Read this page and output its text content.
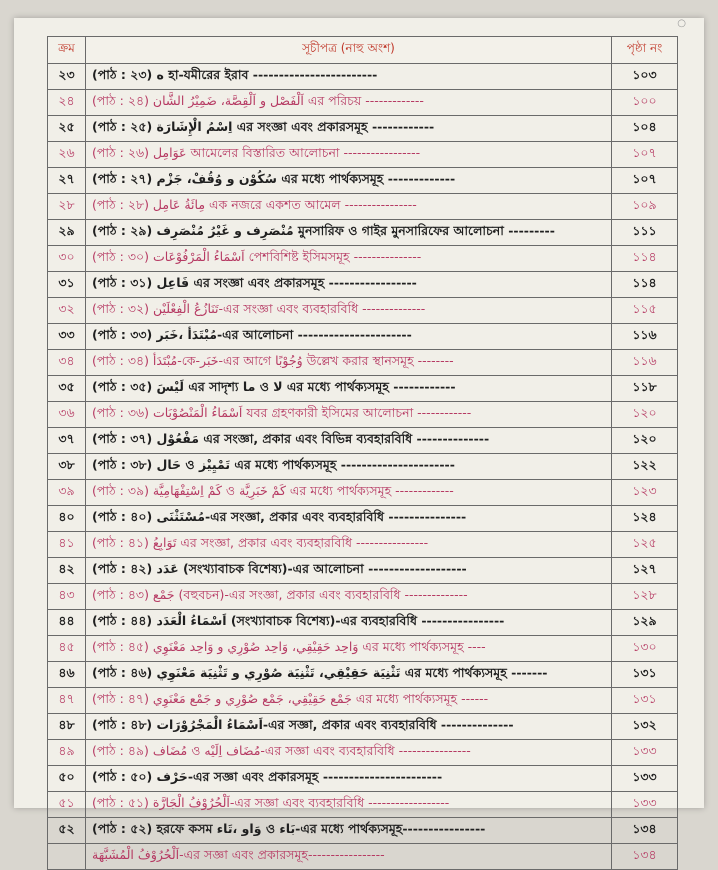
○
ক্রম	সূচীপত্র (নাহু অংশ)	পৃষ্ঠা নং
২৩	(পাঠ : ২৩) ه হা-যমীরের ইরাব ------------------------	১০৩
২৪	(পাঠ : ২৪) اَلْفَصْل و اَلْقِصَّة، ضَمِيْرُ الشَّان এর পরিচয় -------------	১০০
২৫	(পাঠ : ২৫) اِسْمُ الْإِشَارَة এর সংজ্ঞা এবং প্রকারসমূহ ------------	১০৪
২৬	(পাঠ : ২৬) عَوَامِل আমেলের বিস্তারিত আলোচনা -----------------	১০৭
২৭	(পাঠ : ২৭) سُكُوْن و وُقُفْ، جَزْم এর মধ্যে পার্থক্যসমূহ -------------	১০৭
২৮	(পাঠ : ২৮) مِائَةُ عَامِل এক নজরে একশত আমেল ----------------	১০৯
২৯	(পাঠ : ২৯) مُنْصَرِف و غَيْرُ مُنْصَرِف মুনসারিফ ও গাইর মুনসারিফের আলোচনা ---------	১১১
৩০	(পাঠ : ৩০) اَسْمَاءُ الْمَرْفُوْعَات পেশবিশিষ্ট ইসিমসমূহ ---------------	১১৪
৩১	(পাঠ : ৩১) فَاعِل এর সংজ্ঞা এবং প্রকারসমূহ -----------------	১১৪
৩২	(পাঠ : ৩২) تَنَازُعُ الْفِعْلَيْن-এর সংজ্ঞা এবং ব্যবহারবিধি --------------	১১৫
৩৩	(পাঠ : ৩৩) مُبْتَدَأ ،خَبَر-এর আলোচনা ----------------------	১১৬
৩৪	(পাঠ : ৩৪) مُبْتَدَأ-কে-خَبَر-এর আগে وُجُوْبًا উল্লেখ করার স্থানসমূহ --------	১১৬
৩৫	(পাঠ : ৩৫) لَيْسَ এর সাদৃশ্য ما ও لا এর মধ্যে পার্থক্যসমূহ ------------	১১৮
৩৬	(পাঠ : ৩৬) اَسْمَاءُ الْمَنْصُوْبَات যবর গ্রহণকারী ইসিমের আলোচনা ------------	১২০
৩৭	(পাঠ : ৩৭) مَفْعُوْل এর সংজ্ঞা, প্রকার এবং বিভিন্ন ব্যবহারবিধি --------------	১২০
৩৮	(পাঠ : ৩৮) حَال ও تَمْيِيْز এর মধ্যে পার্থক্যসমূহ ----------------------	১২২
৩৯	(পাঠ : ৩৯) كَمْ اِسْتِفْهَامِيَّة ও كَمْ خَبَرِيَّة এর মধ্যে পার্থক্যসমূহ -------------	১২৩
৪০	(পাঠ : ৪০) مُسْتَثْنَى-এর সংজ্ঞা, প্রকার এবং ব্যবহারবিধি ---------------	১২৪
৪১	(পাঠ : ৪১) تَوَابِعُ এর সংজ্ঞা, প্রকার এবং ব্যবহারবিধি ----------------	১২৫
৪২	(পাঠ : ৪২) عَدَد (সংখ্যাবাচক বিশেষ্য)-এর আলোচনা -------------------	১২৭
৪৩	(পাঠ : ৪৩) جَمْع (বহুবচন)-এর সংজ্ঞা, প্রকার এবং ব্যবহারবিধি --------------	১২৮
৪৪	(পাঠ : ৪৪) اَسْمَاءُ الْعَدَد (সংখ্যাবাচক বিশেষ্য)-এর ব্যবহারবিধি ----------------	১২৯
৪৫	(পাঠ : ৪৫) وَاحِد حَقِيْقِي، وَاحِد صُوْرِي و وَاحِد مَعْنَوِي এর মধ্যে পার্থক্যসমূহ ----	১৩০
৪৬	(পাঠ : ৪৬) تَثْنِيَة حَقِيْقِي، تَثْنِيَة صُوْرِي و تَثْنِيَة مَعْنَوِي এর মধ্যে পার্থক্যসমূহ -------	১৩১
৪৭	(পাঠ : ৪৭) جَمْع حَقِيْقِي، جَمْع صُوْرِي و جَمْع مَعْنَوِي এর মধ্যে পার্থক্যসমূহ ------	১৩১
৪৮	(পাঠ : ৪৮) اَسْمَاءُ الْمَجْرُوْرَات-এর সজ্ঞা, প্রকার এবং ব্যবহারবিধি --------------	১৩২
৪৯	(পাঠ : ৪৯) مُضَاف ও مُضَاف اِلَيْه-এর সজ্ঞা এবং ব্যবহারবিধি ----------------	১৩৩
৫০	(পাঠ : ৫০) حَرْف-এর সজ্ঞা এবং প্রকারসমূহ -----------------------	১৩৩
৫১	(পাঠ : ৫১) اَلْحُرُوْفُ الْجَارَّة-এর সজ্ঞা এবং ব্যবহারবিধি ------------------	১৩৩
৫২	(পাঠ : ৫২) হরফে কসম وَاو ،تَاء ও بَاء-এর মধ্যে পার্থক্যসমূহ----------------	১৩৪
	اَلْحُرُوْفُ الْمُشَبَّهَة-এর সজ্ঞা এবং প্রকারসমূহ-----------------	১৩৪
